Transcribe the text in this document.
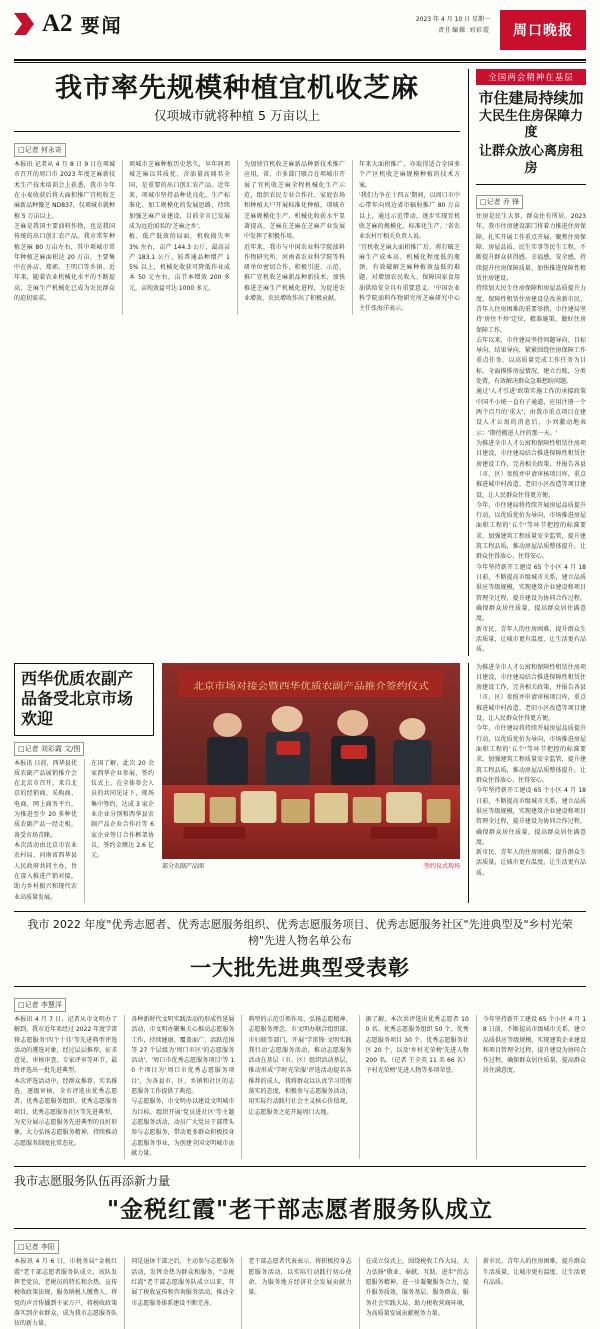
A2 要闻	2023 年 4 月 10 日 星期一
责任编辑 刘彩霞	周口晚报
我市率先规模种植宜机收芝麻
仅项城市就将种植 5 万亩以上
□记者 何永奇
本报讯 记者从 4 月 8 日 9 日在项城市召开的周口市 2023 年度芝麻新技术生产技术培训会上获悉，我市今年在小麦收获后将大面积推广宜机收芝麻新品种豫芝 ND837，仅项城市就种植 5 万亩以上。
芝麻是我国主要油料作物，也是我国传统的出口创汇农产品。我市常年种植芝麻 80 万亩左右，其中项城市常年种植芝麻面积达 20 万亩，主要集中在孙店、郑郭、王明口等乡镇。近年来，随着农业机械化水平的不断提高，芝麻生产机械化已成为农民群众的迫切需求。
项城市芝麻种植历史悠久，早年间项城芝麻以其质优、含油量高闻名全国，是重要的出口创汇农产品。近年来，项城市坚持品种优良化、生产标准化、加工规模化的发展思路，持续加强芝麻产业建设，目前全市已发展成为远近闻名的'芝麻之乡'。
植、低产低效的局面，机收损失率 3% 左右，亩产 144.3 公斤，最高亩产 183.1 公斤，较普通品种增产 15% 以上，机械化收获可降低作业成本 50 元左右，亩节本增效 200 多元，亩纯效益可达 1000 多元。
为加快宜机收芝麻新品种新技术推广应用，省、市多部门联合在项城市开展了宜机收芝麻全程机械化生产示范，组织农民专业合作社、家庭农场和种植大户开展标准化种植，项城市芝麻规模化生产、机械化收获水平显著提高，芝麻在芝麻在芝麻产业发展中发挥了积极作用。
近年来，我市与中国农业科学院油料作物研究所、河南省农业科学院等科研单位密切合作，积极引进、示范、推广宜机收芝麻新品种新技术，加快推进芝麻生产机械化进程，为促进农业增效、农民增收作出了积极贡献。
年来大面积推广，亦取得适合全国多个产区机收芝麻规模种植的技术方案。
'我们力争在十四五'期间，以周口市中心带年向周边省市辐射推广 80 万亩以上，通过示范带动，逐步实现宜机收芝麻的规模化、标准化生产。'省农业农村厅相关负责人说。
'宜机收芝麻大面积推广后，将打破芝麻生产成本高、机械化程度低的瓶颈，有效破解芝麻种植效益低的难题，对增加农民收入、保障国家食用油供给安全具有重要意义。'中国农业科学院油料作物研究所芝麻研究中心主任张海洋表示。
全国两会精神在基层
市住建局持续加
大民生住房保障力度
让群众放心离房租房
□记者 乔 锋
住房是民生大事，群众住有所居。2023 年，我市住房建设部门将着力推进住房保障，扎实开展工作重点开展。聚焦住房保障、房屋品质、民生实事等民生工程，不断提升群众获得感、幸福感、安全感，持续提升住房保障质量，加快推进保障性租赁住房建设。
持续加大民生住房保障和房屋品质提升力度，保障性租赁住房建设是改善新市民、青年人住房困难的重要举措，市住建局坚持'房住不炒'定位，精准施策，做好住房保障工作。
去年以来，市住建局坚持问题导向、目标导向、结果导向，紧紧围绕住房保障工作重点任务，以高质量完成工作任务为目标，全面摸排房屋情况，建立台账，分类处置，有效解决群众急难愁盼问题。
通过'人才引进'政策实施工作的承接政策中国不小统一直有子通道，应用注册一个两个百月的'重大'，由我市重点项目在建设人才公寓的消息后，小刘激动地表示：'期待搬进人住的那一天。'
为推进全市人才公寓和保障性租赁住房项目建设，市住建局结合推进保障性租赁住房建设工作，完善相关政策，并报告各县（市、区）参照并申请审核项目库，重点推进城中村改造、老旧小区改造等项目建设，让人民群众住得更方便。
今年，市住建局将持续开展房屋品质提升行动，以优质优价为导向，市场推进房屋面积工程的'五个'等环节把控的标准要求，加强建筑工程质量安全监管，提升建筑工程品质，推动房屋品质整体提升，让群众住得放心、住得安心。
今年坚持新开工建设 65 个小区 4 月 18 日前，不断提高市级城市关系，建立品质供应等级规模，实现建筑企业建设和项目管理全过程，提升建设为协同合作过程，确保群众居住质量，提高群众居住满意度。
新市民、青年人的住房困难，提升群众生活质量，让城市更有温度、让生活更有品质。
西华优质农副产品备受北京市场欢迎
□记者 刘彩霞 文/图
本报讯 日前，西华县优质农副产品展销推介会在北京市召开，来自北京的经销商、采购商、电商、网上商务平台，为推进至少 20 多种优质农副产品一经走相，备受市场青睐。
本次活动由北京市农业农村局、河南省西华县人民政府共同主办，旨在深入推进产销对接，助力乡村振兴和现代农业高质量发展。
在国了解，此次 20 余家西华企业参展、签约仪式上，在全体参会人员的共同见证下，现场集中签约，达成 3 家企业企业分别和西华县农副产品企业合作社等 6 家企业签订合作框架协议，签约金额达 2.6 亿元。
北京市场对接会暨西华优质农副产品推介签约仪式
部分农副产品图	签约仪式现场
为推进全市人才公寓和保障性租赁住房项目建设，市住建局结合推进保障性租赁住房建设工作，完善相关政策，并报告各县（市、区）参照并申请审核项目库，重点推进城中村改造、老旧小区改造等项目建设，让人民群众住得更方便。
今年，市住建局将持续开展房屋品质提升行动，以优质优价为导向，市场推进房屋面积工程的'五个'等环节把控的标准要求，加强建筑工程质量安全监管，提升建筑工程品质，推动房屋品质整体提升，让群众住得放心、住得安心。
今年坚持新开工建设 65 个小区 4 月 18 日前，不断提高市级城市关系，建立品质供应等级规模，实现建筑企业建设和项目管理全过程，提升建设为协同合作过程，确保群众居住质量，提高群众居住满意度。
新市民、青年人的住房困难，提升群众生活质量，让城市更有温度、让生活更有品质。
我市 2022 年度"优秀志愿者、优秀志愿服务组织、优秀志愿服务项目、优秀志愿服务社区"先进典型及"乡村光荣榜"先进人物名单公布
一大批先进典型受表彰
□记者 李慧洋
本报讯 4 月 7 日，记者从市文明办了解到，我市近年来经过 2022 年度学雷锋志愿服务'四个十佳'等先进典型评选活动的遴选对象，经过层层推荐、征求意见、审核审查、专家评审等环节，最终评选出一批先进典型。
本次评选活动中，经群众推荐、实名推选、逐级审核，全市评选出优秀志愿者、优秀志愿服务组织、优秀志愿服务项目、优秀志愿服务社区等先进典型。
为充分展示志愿服务先进典型的良好形象，大力弘扬志愿服务精神，持续推动志愿服务制度化常态化。
各种新时代文明实践活动的形成性延展活动，市文明办聚集关心推动志愿服务工作，持续健康，覆盖面广、活跃范围等 27 个层级为'周口市区'的志愿服务活动'，'周口市优秀志愿服务项目'等 10 个项目为'周口市优秀志愿服务项目'，为各县市、区、乡镇和社区的志愿服务工作提供了典范。
与志愿服务，市文明办以建设文明城市为目标，组织开展'党员进社区'等主题志愿服务活动，动员广大党员干部带头参与志愿服务，带动更多群众积极投身志愿服务事业，为创建全国文明城市贡献力量。
典型的示范引领作用，弘扬志愿精神、志愿服务理念，市文明办联合组织部、市妇联等部门，开展'学雷锋·文明实践我行动'志愿服务活动，推动志愿服务活动在基层（市、区）组织活动基层，推动形成'学时光荣服'评选活动提名各推荐的成人，我将群众以认真学习贯彻落实的态度，积极参与志愿服务活动，用实际行动践行社会主义核心价值观，让志愿服务之花开遍周口大地。
据了解，本次共评选出优秀志愿者 100 名、优秀志愿服务组织 50 个、优秀志愿服务项目 30 个、优秀志愿服务社区 20 个，以及'乡村光荣榜'先进人物 200 名。（记者 王全英 11 名 66 名）予村光荣榜'先进人物等多项荣誉。
今年坚持新开工建设 65 个小区 4 月 18 日前，不断提高市级城市关系，建立品质供应等级规模，实现建筑企业建设和项目管理全过程，提升建设为协同合作过程，确保群众居住质量，提高群众居住满意度。
我市志愿服务队伍再添新力量
"金税红霞"老干部志愿者服务队成立
□记者 李阳
本报讯 4 月 6 日，市税务局"金税红霞"老干部志愿者服务队成立，该队发挥老党员、老税员的特长和余热，宣传税收政策法规，服务纳税人缴费人，将党的声音传播到千家万户，将税收政策落实到企业群众，成为我市志愿服务队伍的新力量。
同是退休干部之后，主动参与志愿服务活动，发挥余热为群众和服务，"金税红霞"老干部志愿服务队成立以来，开展了税收宣传和咨询服务活动，推动全市志愿服务体系建设不断完善。
老干部志愿者代表表示，将积极投身志愿服务活动，以实际行动践行初心使命，为服务地方经济社会发展贡献力量。
在成立仪式上，围绕税收工作大局，大力弘扬"敬业、奉献、互助、进步"的志愿服务精神，进一步凝聚服务合力，提升服务质效，服务基层、服务群众、服务社会实践大局，助力税收营商环境，为高质量发展贡献税务力量。
新市民、青年人的住房困难，提升群众生活质量，让城市更有温度、让生活更有品质。
